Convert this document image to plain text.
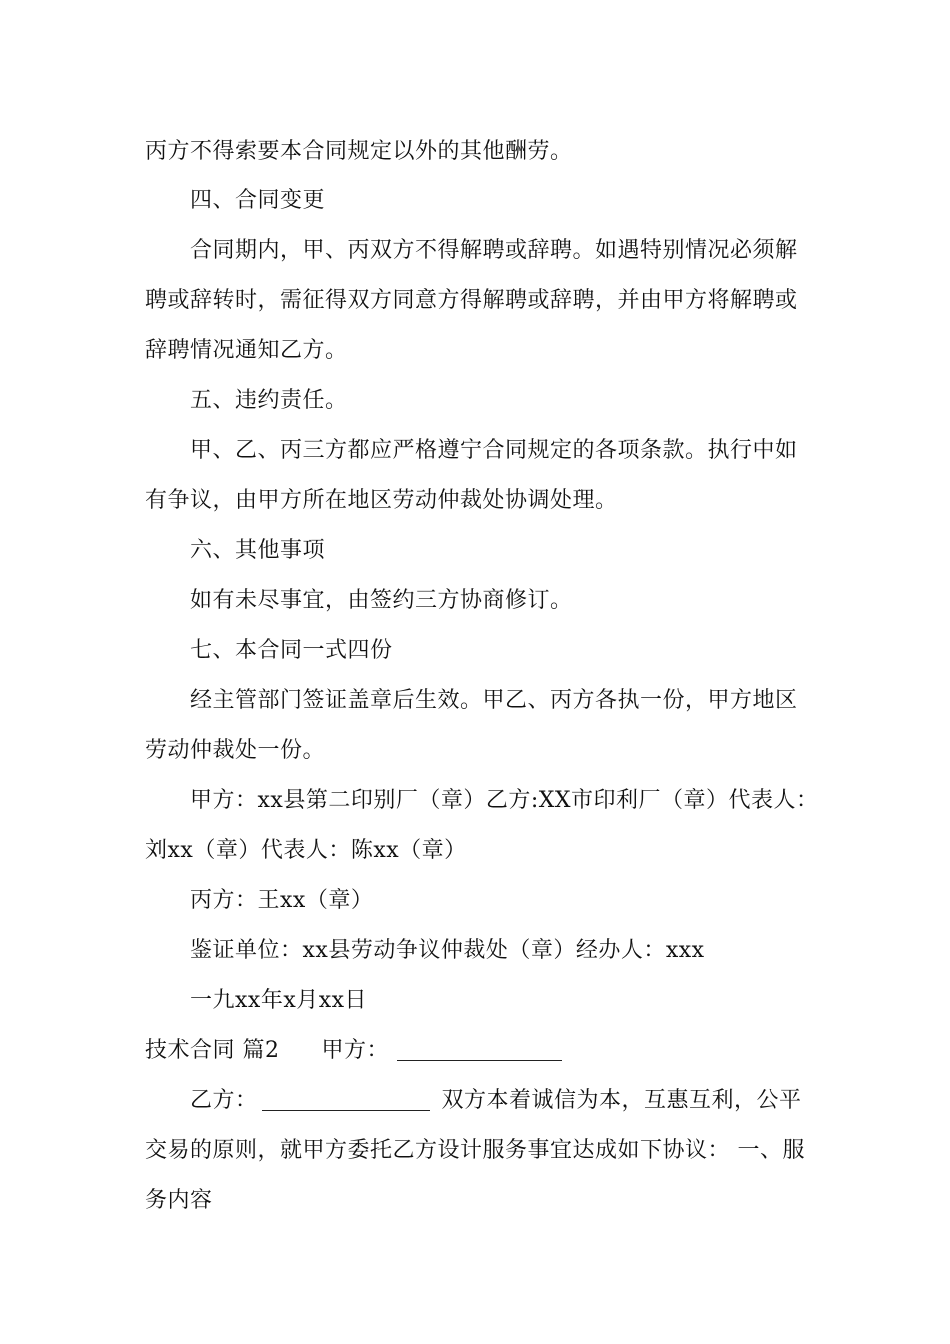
丙方不得索要本合同规定以外的其他酬劳。
四、合同变更
合同期内，甲、丙双方不得解聘或辞聘。如遇特别情况必须解
聘或辞转时，需征得双方同意方得解聘或辞聘，并由甲方将解聘或
辞聘情况通知乙方。
五、违约责任。
甲、乙、丙三方都应严格遵宁合同规定的各项条款。执行中如
有争议，由甲方所在地区劳动仲裁处协调处理。
六、其他事项
如有未尽事宜，由签约三方协商修订。
七、本合同一式四份
经主管部门签证盖章后生效。甲乙、丙方各执一份，甲方地区
劳动仲裁处一份。
甲方：xx县第二印别厂（章）乙方:XX市印利厂（章）代表人：
刘xx（章）代表人：陈xx（章）
丙方：王xx（章）
鉴证单位：xx县劳动争议仲裁处（章）经办人：xxx
一九xx年x月xx日
技术合同 篇2 甲方：
乙方：	双方本着诚信为本，互惠互利，公平
交易的原则，就甲方委托乙方设计服务事宜达成如下协议： 一、服
务内容
